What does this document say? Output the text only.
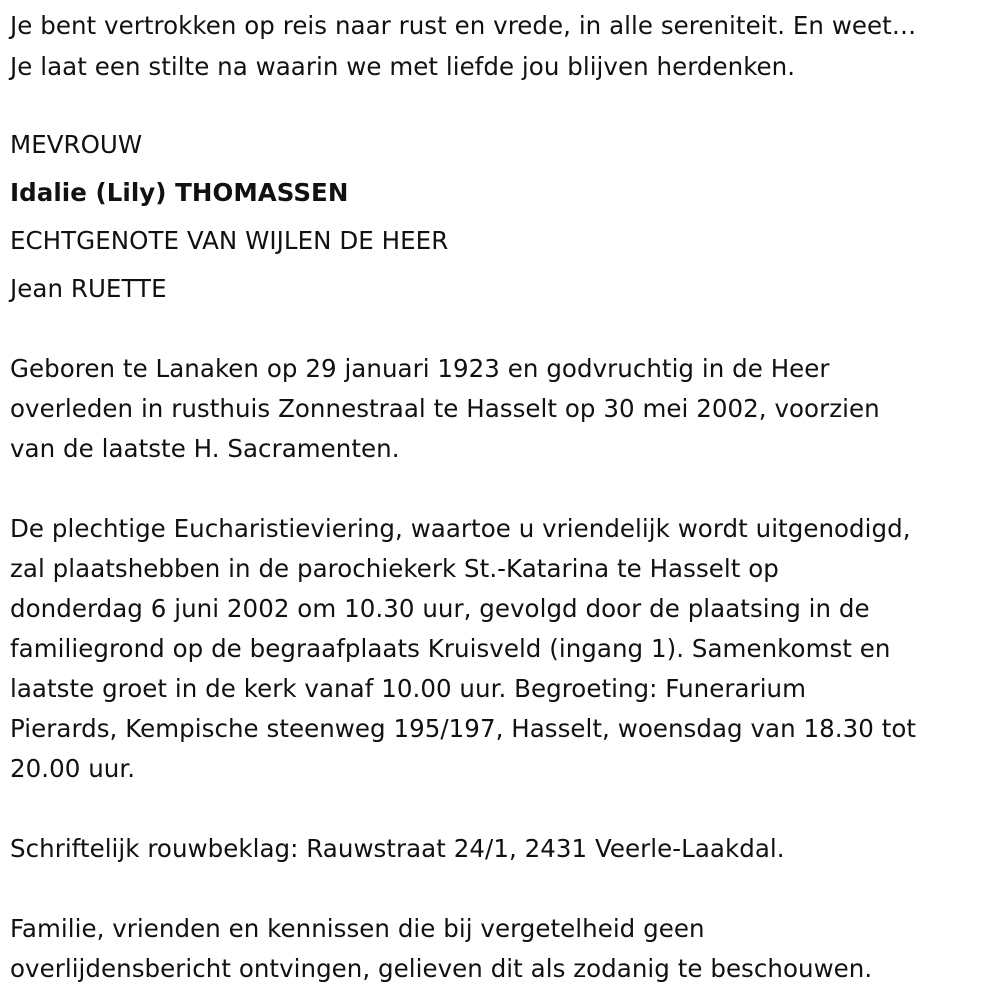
Je bent vertrokken op reis naar rust en vrede, in alle sereniteit. En weet…
Je laat een stilte na waarin we met liefde jou blijven herdenken.
MEVROUW
Idalie (Lily) THOMASSEN
ECHTGENOTE VAN WIJLEN DE HEER
Jean RUETTE
Geboren te Lanaken op 29 januari 1923 en godvruchtig in de Heer
overleden in rusthuis Zonnestraal te Hasselt op 30 mei 2002, voorzien
van de laatste H. Sacramenten.
De plechtige Eucharistieviering, waartoe u vriendelijk wordt uitgenodigd,
zal plaatshebben in de parochiekerk St.-Katarina te Hasselt op
donderdag 6 juni 2002 om 10.30 uur, gevolgd door de plaatsing in de
familiegrond op de begraafplaats Kruisveld (ingang 1). Samenkomst en
laatste groet in de kerk vanaf 10.00 uur. Begroeting: Funerarium
Pierards, Kempische steenweg 195/197, Hasselt, woensdag van 18.30 tot
20.00 uur.
Schriftelijk rouwbeklag: Rauwstraat 24/1, 2431 Veerle-Laakdal.
Familie, vrienden en kennissen die bij vergetelheid geen
overlijdensbericht ontvingen, gelieven dit als zodanig te beschouwen.
